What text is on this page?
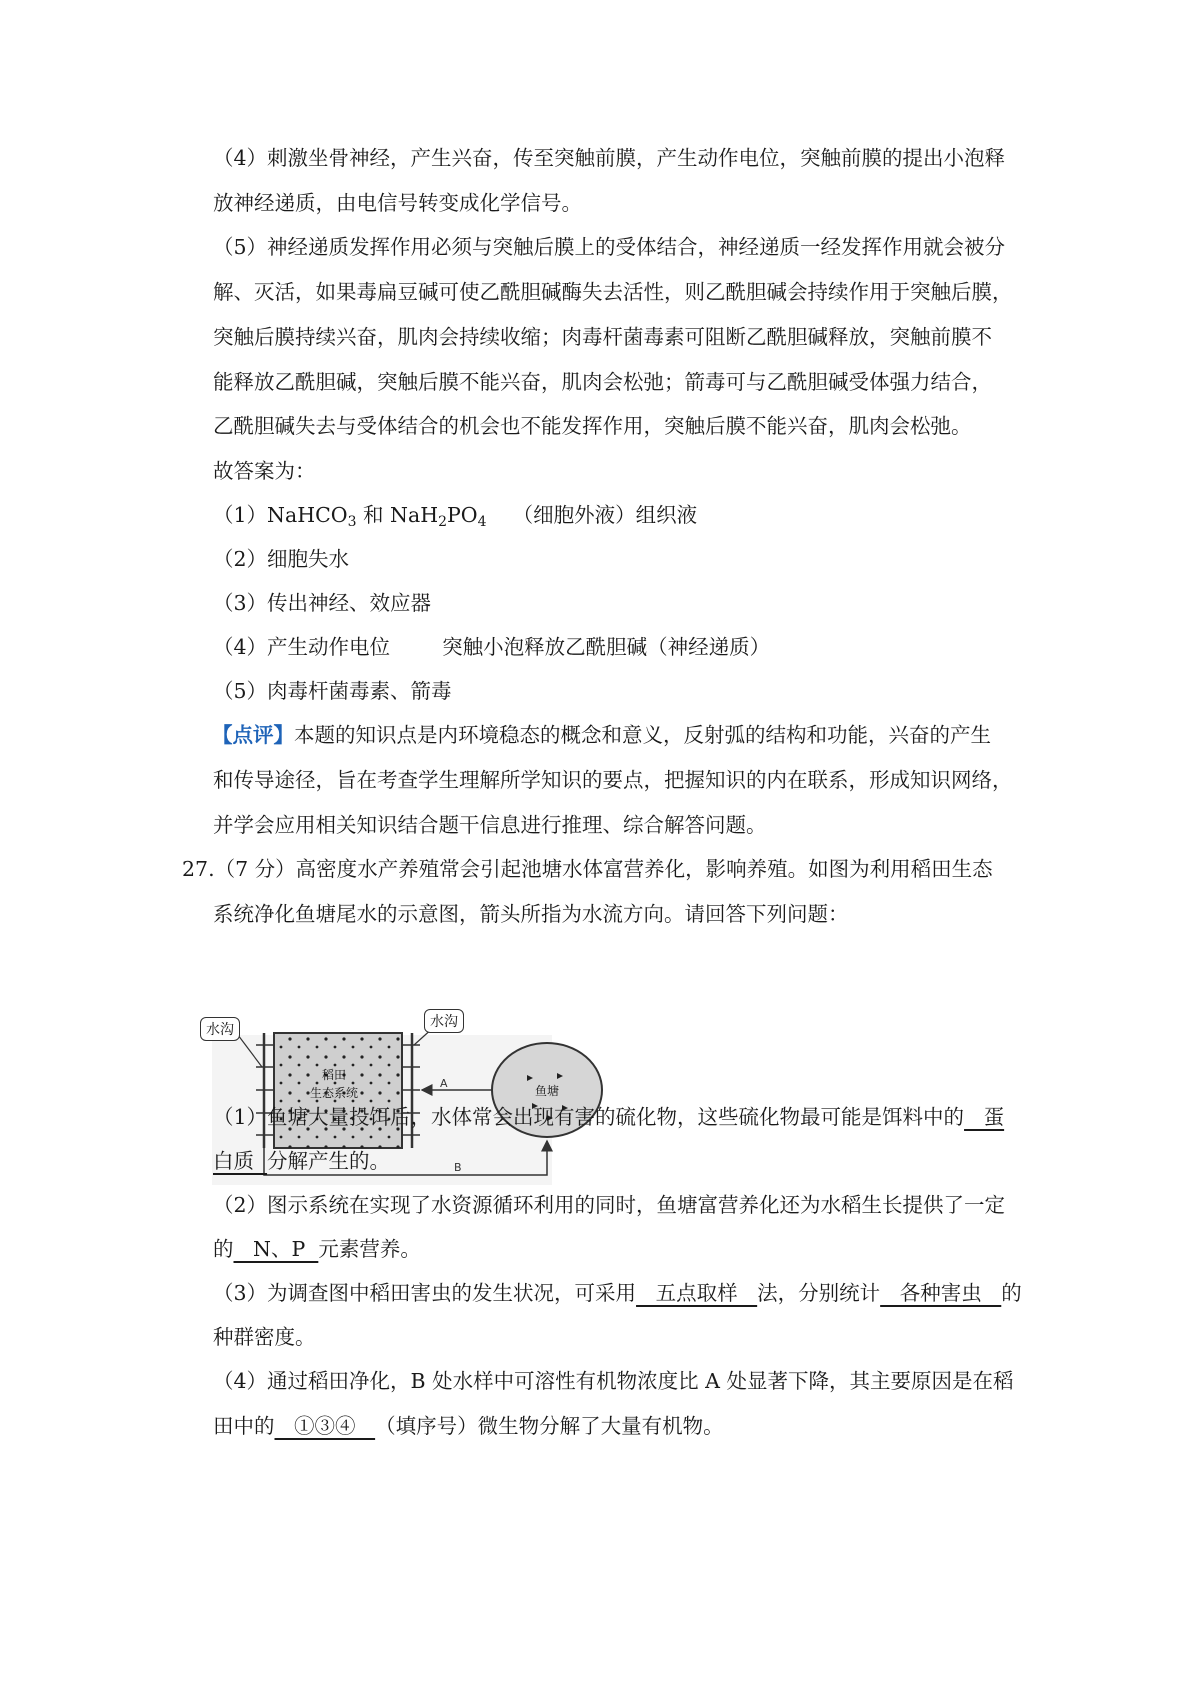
（4）刺激坐骨神经，产生兴奋，传至突触前膜，产生动作电位，突触前膜的提出小泡释
放神经递质，由电信号转变成化学信号。
（5）神经递质发挥作用必须与突触后膜上的受体结合，神经递质一经发挥作用就会被分
解、灭活，如果毒扁豆碱可使乙酰胆碱酶失去活性，则乙酰胆碱会持续作用于突触后膜，
突触后膜持续兴奋，肌肉会持续收缩；肉毒杆菌毒素可阻断乙酰胆碱释放，突触前膜不
能释放乙酰胆碱，突触后膜不能兴奋，肌肉会松弛；箭毒可与乙酰胆碱受体强力结合，
乙酰胆碱失去与受体结合的机会也不能发挥作用，突触后膜不能兴奋，肌肉会松弛。
故答案为：
（1）NaHCO$_3$ 和 $NaH_2PO_4$    （细胞外液）组织液
（2）细胞失水
（3）传出神经、效应器
（4）产生动作电位        突触小泡释放乙酰胆碱（神经递质）
（5）肉毒杆菌毒素、箭毒
【点评】本题的知识点是内环境稳态的概念和意义，反射弧的结构和功能，兴奋的产生
和传导途径，旨在考查学生理解所学知识的要点，把握知识的内在联系，形成知识网络，
并学会应用相关知识结合题干信息进行推理、综合解答问题。
27.（7 分）高密度水产养殖常会引起池塘水体富营养化，影响养殖。如图为利用稻田生态
系统净化鱼塘尾水的示意图，箭头所指为水流方向。请回答下列问题：
A
B
稻田
生态系统	鱼塘
水沟	水沟
（1）鱼塘大量投饵后，水体常会出现有害的硫化物，这些硫化物最可能是饵料中的   蛋
白质  分解产生的。
（2）图示系统在实现了水资源循环利用的同时，鱼塘富营养化还为水稻生长提供了一定
的   N、P  元素营养。
（3）为调查图中稻田害虫的发生状况，可采用   五点取样   法，分别统计   各种害虫   的
种群密度。
（4）通过稻田净化，B 处水样中可溶性有机物浓度比 A 处显著下降，其主要原因是在稻
田中的   ①③④   （填序号）微生物分解了大量有机物。
